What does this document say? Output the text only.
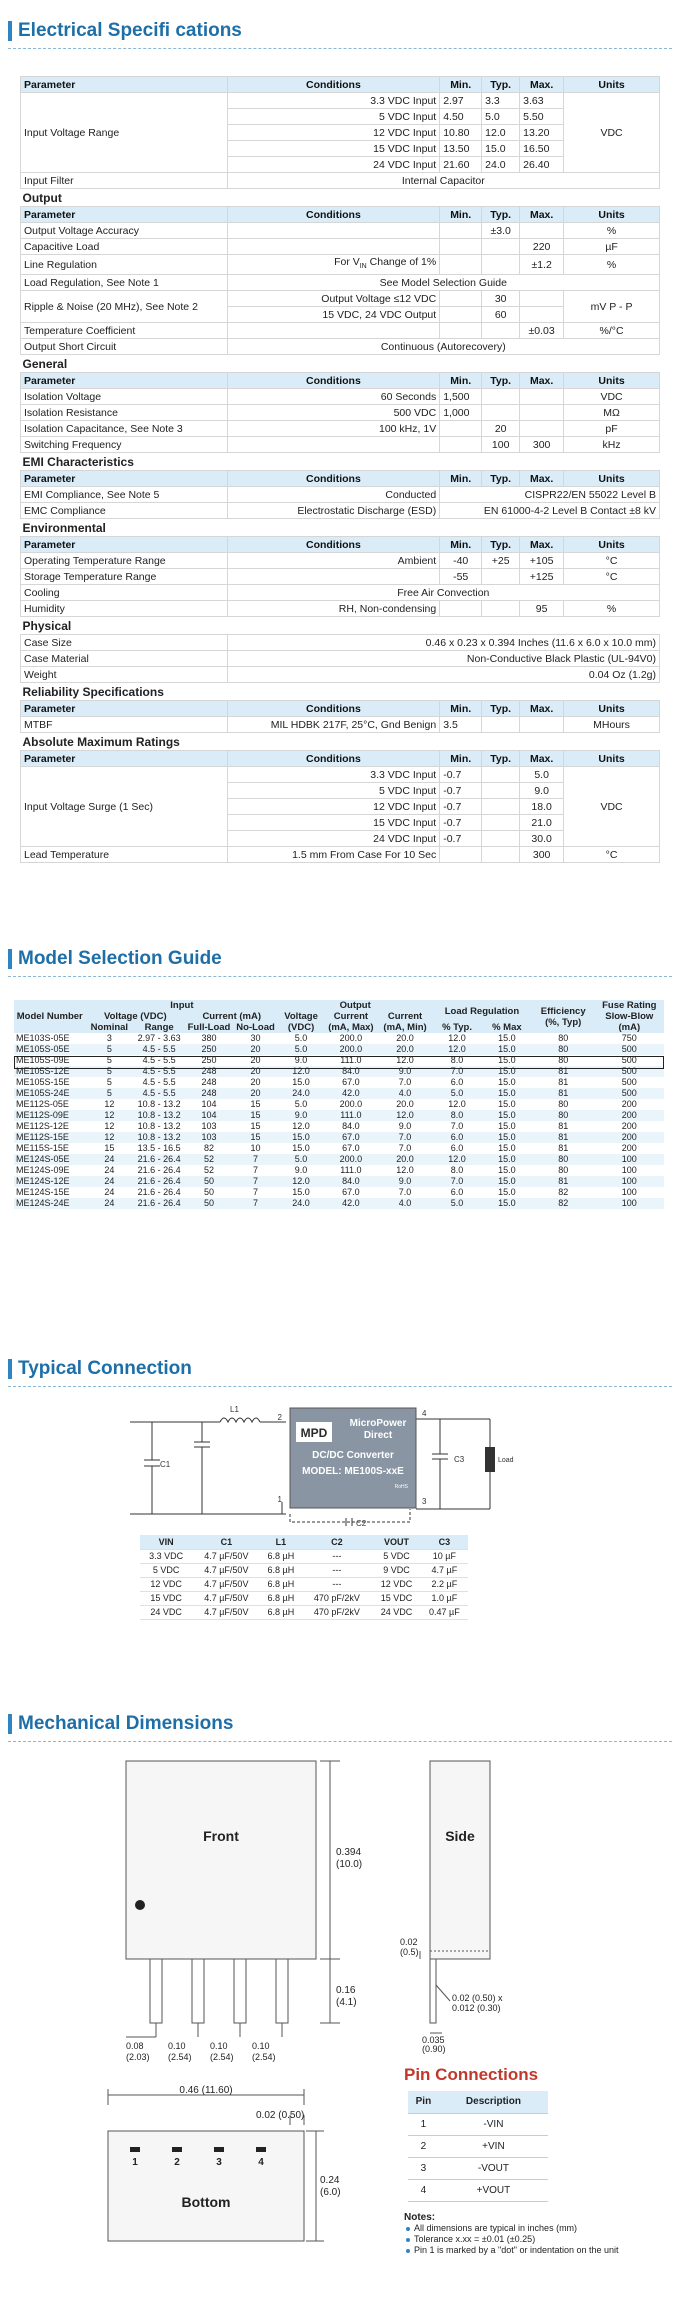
Electrical Specifi cations
Parameter	Conditions	Min.	Typ.	Max.	Units
Input Voltage Range	3.3 VDC Input	2.97	3.3	3.63	VDC
	5 VDC Input	4.50	5.0	5.50	
	12 VDC Input	10.80	12.0	13.20	
	15 VDC Input	13.50	15.0	16.50	
	24 VDC Input	21.60	24.0	26.40	
Input Filter	Internal Capacitor				
Output					
Parameter	Conditions	Min.	Typ.	Max.	Units
Output Voltage Accuracy			±3.0		%
Capacitive Load				220	µF
Line Regulation	For $V_{IN}$ Change of 1%			±1.2	%
Load Regulation, See Note 1	See Model Selection Guide				
Ripple & Noise (20 MHz), See Note 2	Output Voltage ≤12 VDC		30		mV P - P
	15 VDC, 24 VDC Output		60		
Temperature Coefficient				±0.03	%/°C
Output Short Circuit	Continuous (Autorecovery)				
General					
Parameter	Conditions	Min.	Typ.	Max.	Units
Isolation Voltage	60 Seconds	1,500			VDC
Isolation Resistance	500 VDC	1,000			MΩ
Isolation Capacitance, See Note 3	100 kHz, 1V		20		pF
Switching Frequency			100	300	kHz
EMI Characteristics					
Parameter	Conditions	Min.	Typ.	Max.	Units
EMI Compliance, See Note 5	Conducted	CISPR22/EN 55022 Level B			
EMC Compliance	Electrostatic Discharge (ESD)	EN 61000-4-2 Level B Contact ±8 kV			
Environmental					
Parameter	Conditions	Min.	Typ.	Max.	Units
Operating Temperature Range	Ambient	-40	+25	+105	°C
Storage Temperature Range		-55		+125	°C
Cooling	Free Air Convection				
Humidity	RH, Non-condensing			95	%
Physical					
Case Size	0.46 x 0.23 x 0.394 Inches (11.6 x 6.0 x 10.0 mm)				
Case Material	Non-Conductive Black Plastic (UL-94V0)				
Weight	0.04 Oz (1.2g)				
Reliability Specifications					
Parameter	Conditions	Min.	Typ.	Max.	Units
MTBF	MIL HDBK 217F, 25°C, Gnd Benign	3.5			MHours
Absolute Maximum Ratings					
Parameter	Conditions	Min.	Typ.	Max.	Units
Input Voltage Surge (1 Sec)	3.3 VDC Input	-0.7		5.0	VDC
	5 VDC Input	-0.7		9.0	
	12 VDC Input	-0.7		18.0	
	15 VDC Input	-0.7		21.0	
	24 VDC Input	-0.7		30.0	
Lead Temperature	1.5 mm From Case For 10 Sec			300	°C
Model Selection Guide
Model Number	Input				Output			Load Regulation		Efficiency (%, Typ)	Fuse Rating Slow-Blow (mA)
	Voltage (VDC)		Current (mA)		Voltage (VDC)	Current (mA, Max)	Current (mA, Min)				
	Nominal	Range	Full-Load	No-Load				% Typ.	% Max		
ME103S-05E	3	2.97 - 3.63	380	30	5.0	200.0	20.0	12.0	15.0	80	750
ME105S-05E	5	4.5 - 5.5	250	20	5.0	200.0	20.0	12.0	15.0	80	500
ME105S-09E	5	4.5 - 5.5	250	20	9.0	111.0	12.0	8.0	15.0	80	500
ME105S-12E	5	4.5 - 5.5	248	20	12.0	84.0	9.0	7.0	15.0	81	500
ME105S-15E	5	4.5 - 5.5	248	20	15.0	67.0	7.0	6.0	15.0	81	500
ME105S-24E	5	4.5 - 5.5	248	20	24.0	42.0	4.0	5.0	15.0	81	500
ME112S-05E	12	10.8 - 13.2	104	15	5.0	200.0	20.0	12.0	15.0	80	200
ME112S-09E	12	10.8 - 13.2	104	15	9.0	111.0	12.0	8.0	15.0	80	200
ME112S-12E	12	10.8 - 13.2	103	15	12.0	84.0	9.0	7.0	15.0	81	200
ME112S-15E	12	10.8 - 13.2	103	15	15.0	67.0	7.0	6.0	15.0	81	200
ME115S-15E	15	13.5 - 16.5	82	10	15.0	67.0	7.0	6.0	15.0	81	200
ME124S-05E	24	21.6 - 26.4	52	7	5.0	200.0	20.0	12.0	15.0	80	100
ME124S-09E	24	21.6 - 26.4	52	7	9.0	111.0	12.0	8.0	15.0	80	100
ME124S-12E	24	21.6 - 26.4	50	7	12.0	84.0	9.0	7.0	15.0	81	100
ME124S-15E	24	21.6 - 26.4	50	7	15.0	67.0	7.0	6.0	15.0	82	100
ME124S-24E	24	21.6 - 26.4	50	7	24.0	42.0	4.0	5.0	15.0	82	100
Typical Connection
MPD
MicroPower
Direct
DC/DC Converter
MODEL: ME100S-xxE
RoHS
L1
C1
C3
C2
Load
2
1
4
3
VIN	C1	L1	C2	VOUT	C3
3.3 VDC	4.7 µF/50V	6.8 µH	---	5 VDC	10 µF
5 VDC	4.7 µF/50V	6.8 µH	---	9 VDC	4.7 µF
12 VDC	4.7 µF/50V	6.8 µH	---	12 VDC	2.2 µF
15 VDC	4.7 µF/50V	6.8 µH	470 pF/2kV	15 VDC	1.0 µF
24 VDC	4.7 µF/50V	6.8 µH	470 pF/2kV	24 VDC	0.47 µF
Mechanical Dimensions
Front	Side
0.394
(10.0)
0.16
(4.1)
0.08	0.10	0.10	0.10
0.02
(0.5)
0.02 (0.50) x
0.012 (0.30)
0.035
(2.03) (2.54) (2.54) (2.54)
(0.90)
0.46 (11.60)
0.02 (0.50)
1	2	3	4
Bottom
0.24
(6.0)
Pin Connections
Pin	Description
1	-VIN
2	+VIN
3	-VOUT
4	+VOUT
Notes:
All dimensions are typical in inches (mm)
Tolerance x.xx = ±0.01 (±0.25)
Pin 1 is marked by a "dot" or indentation on the unit
